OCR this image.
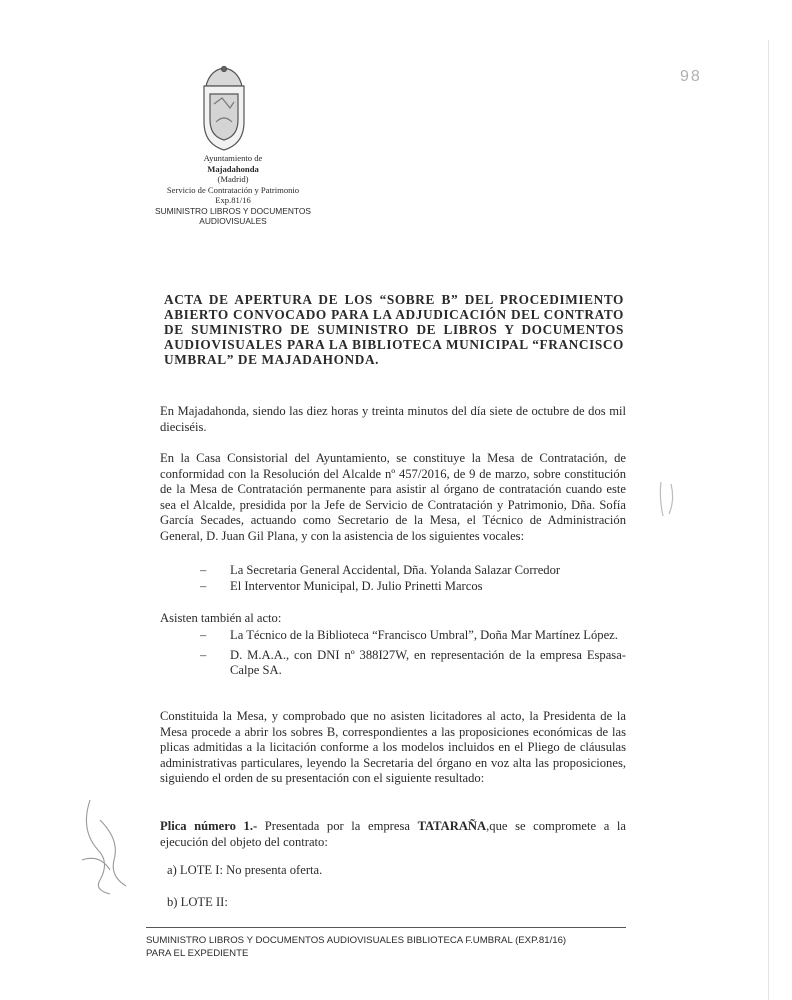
Ayuntamiento de
Majadahonda
(Madrid)
Servicio de Contratación y Patrimonio
Exp.81/16
SUMINISTRO LIBROS Y DOCUMENTOS
AUDIOVISUALES
98
ACTA DE APERTURA DE LOS “SOBRE B” DEL PROCEDIMIENTO ABIERTO CONVOCADO PARA LA ADJUDICACIÓN DEL CONTRATO DE SUMINISTRO DE SUMINISTRO DE LIBROS Y DOCUMENTOS AUDIOVISUALES PARA LA BIBLIOTECA MUNICIPAL “FRANCISCO UMBRAL” DE MAJADAHONDA.
En Majadahonda, siendo las diez horas y treinta minutos del día siete de octubre de dos mil dieciséis.
En la Casa Consistorial del Ayuntamiento, se constituye la Mesa de Contratación, de conformidad con la Resolución del Alcalde nº 457/2016, de 9 de marzo, sobre constitución de la Mesa de Contratación permanente para asistir al órgano de contratación cuando este sea el Alcalde, presidida por la Jefe de Servicio de Contratación y Patrimonio, Dña. Sofía García Secades, actuando como Secretario de la Mesa, el Técnico de Administración General, D. Juan Gil Plana, y con la asistencia de los siguientes vocales:
– La Secretaria General Accidental, Dña. Yolanda Salazar Corredor
– El Interventor Municipal, D. Julio Prinetti Marcos
Asisten también al acto:
– La Técnico de la Biblioteca “Francisco Umbral”, Doña Mar Martínez López.
– D. M.A.A., con DNI nº 388I27W, en representación de la empresa Espasa-Calpe SA.
Constituida la Mesa, y comprobado que no asisten licitadores al acto, la Presidenta de la Mesa procede a abrir los sobres B, correspondientes a las proposiciones económicas de las plicas admitidas a la licitación conforme a los modelos incluidos en el Pliego de cláusulas administrativas particulares, leyendo la Secretaria del órgano en voz alta las proposiciones, siguiendo el orden de su presentación con el siguiente resultado:
Plica número 1.- Presentada por la empresa TATARAÑA,que se compromete a la ejecución del objeto del contrato:
a) LOTE I: No presenta oferta.
b) LOTE II:
SUMINISTRO LIBROS Y DOCUMENTOS AUDIOVISUALES BIBLIOTECA F.UMBRAL (EXP.81/16)
PARA EL EXPEDIENTE
